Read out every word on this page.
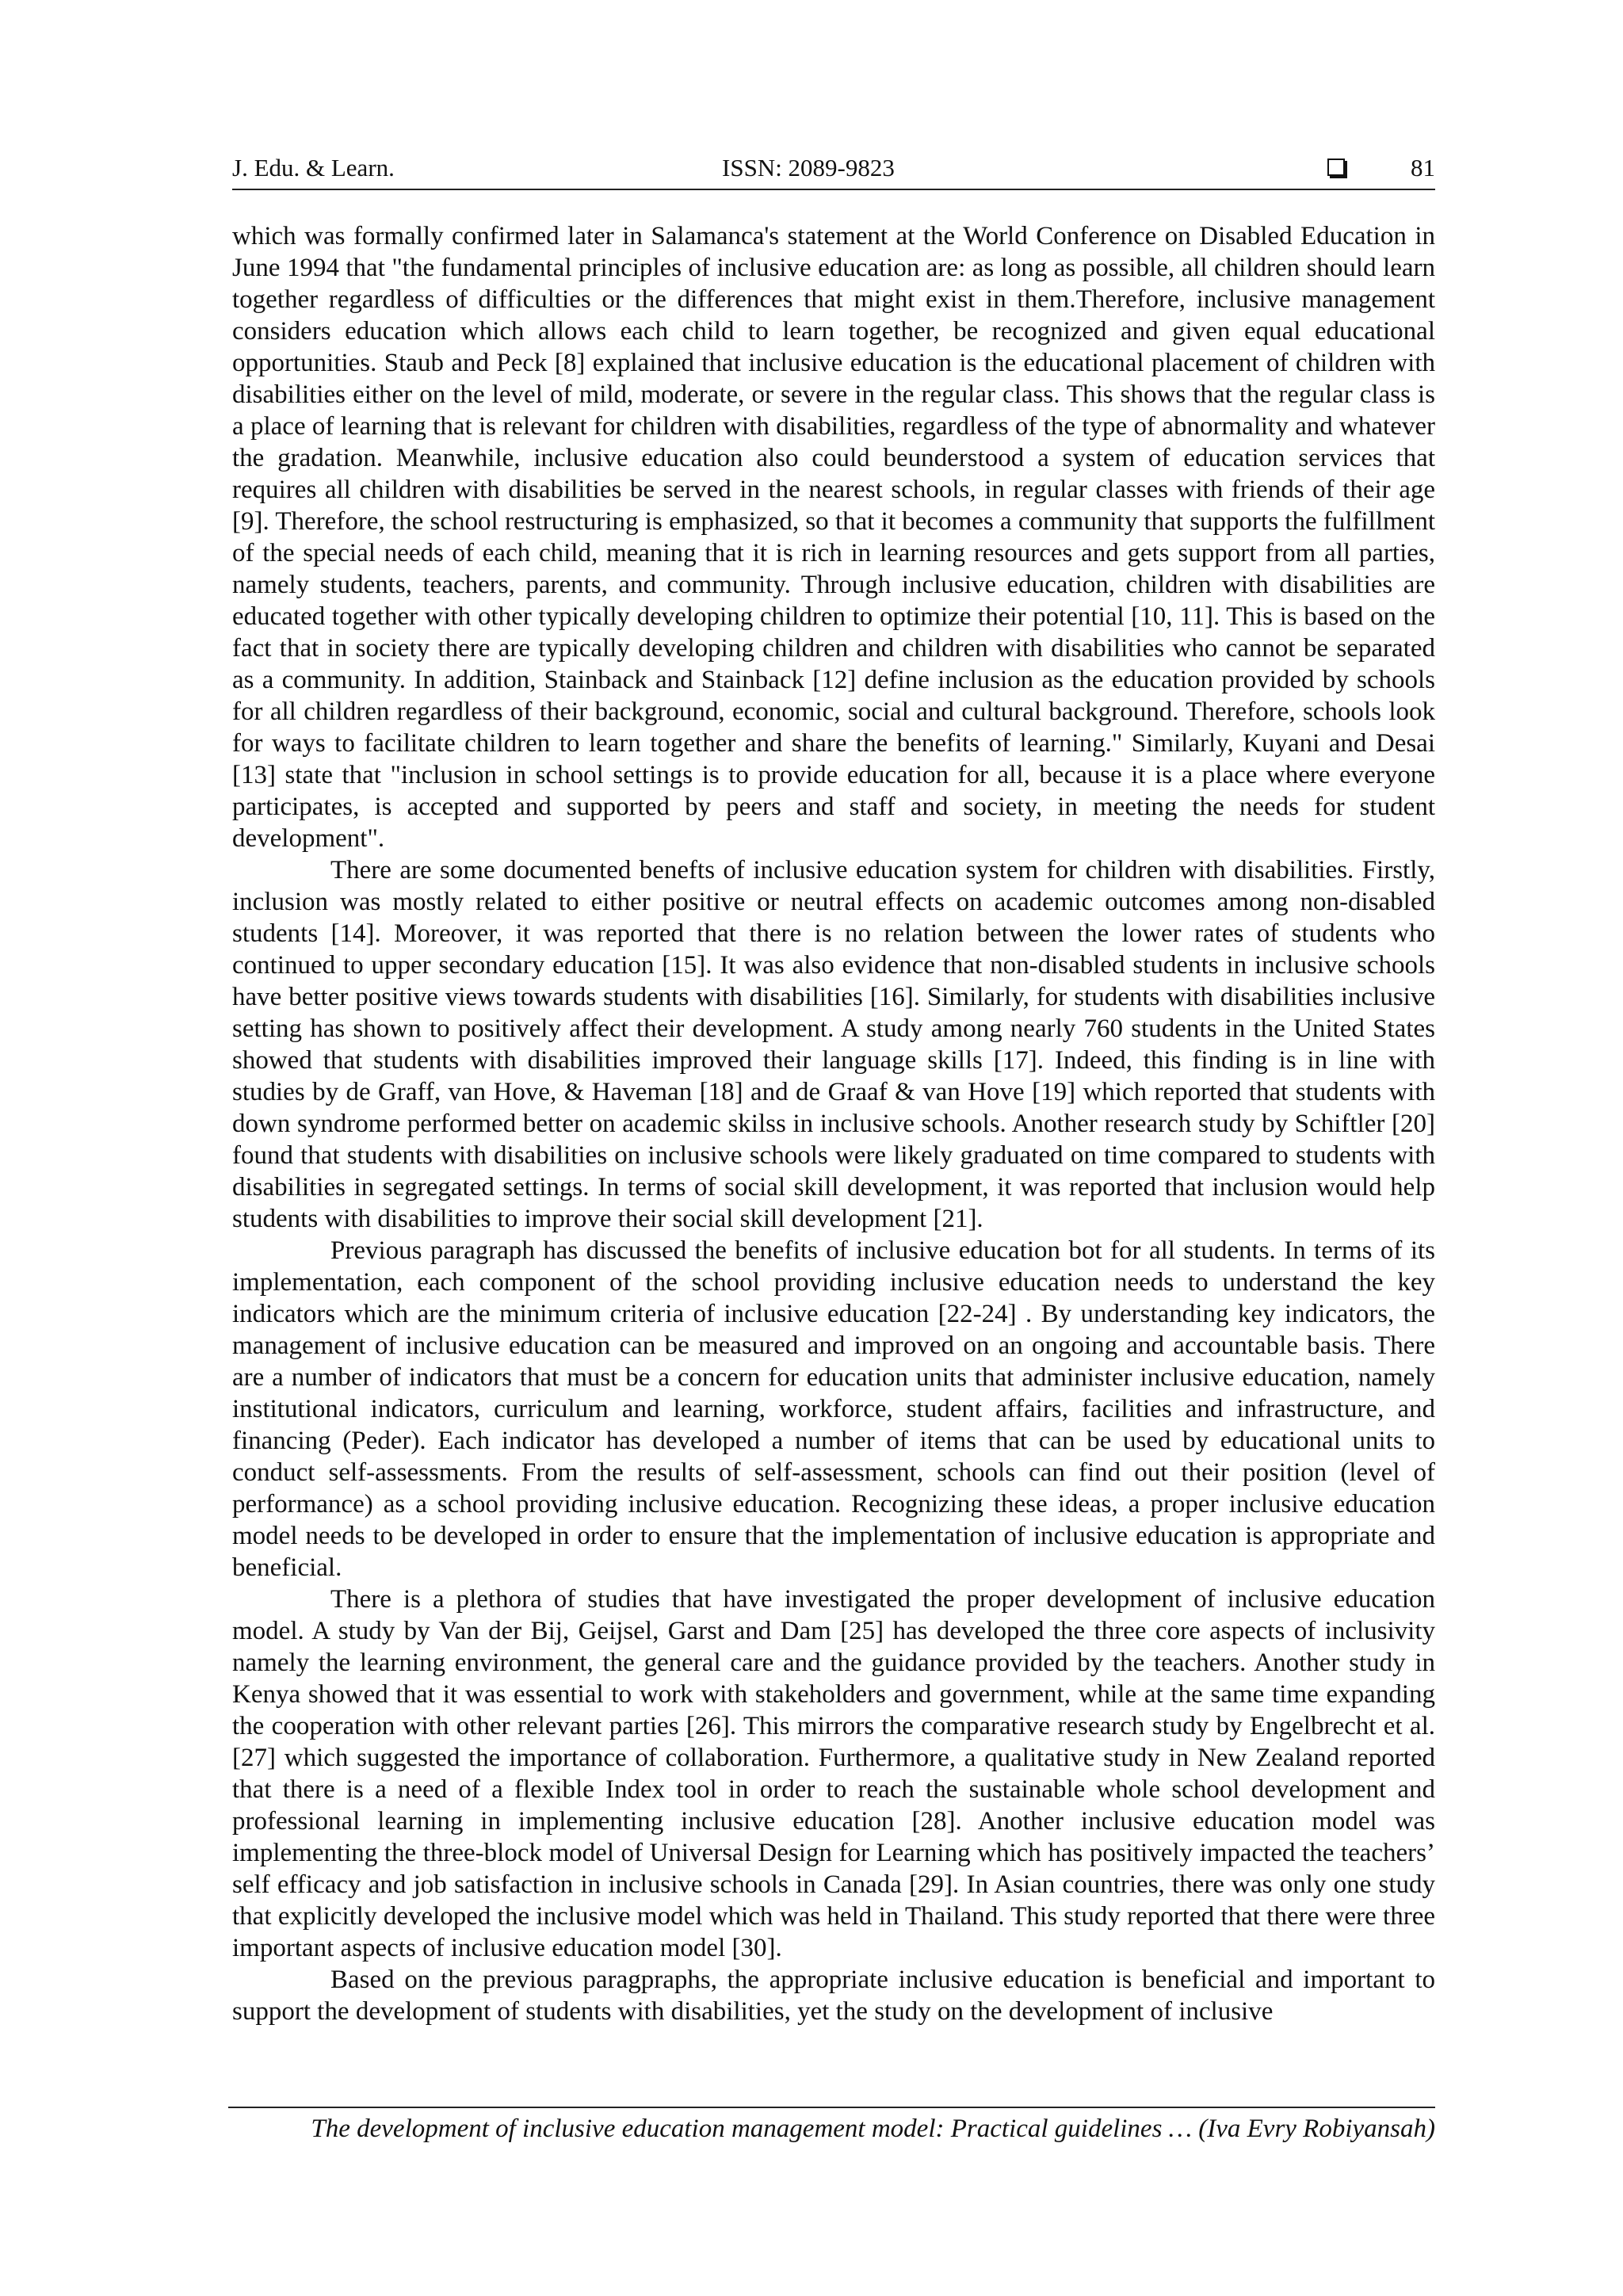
J. Edu. & Learn.	ISSN: 2089-9823	81

which was formally confirmed later in Salamanca's statement at the World Conference on Disabled Education in June 1994 that "the fundamental principles of inclusive education are: as long as possible, all children should learn together regardless of difficulties or the differences that might exist in them.Therefore, inclusive management considers education which allows each child to learn together, be recognized and given equal educational opportunities. Staub and Peck [8] explained that inclusive education is the educational placement of children with disabilities either on the level of mild, moderate, or severe in the regular class. This shows that the regular class is a place of learning that is relevant for children with disabilities, regardless of the type of abnormality and whatever the gradation. Meanwhile, inclusive education also could beunderstood a system of education services that requires all children with disabilities be served in the nearest schools, in regular classes with friends of their age [9]. Therefore, the school restructuring is emphasized, so that it becomes a community that supports the fulfillment of the special needs of each child, meaning that it is rich in learning resources and gets support from all parties, namely students, teachers, parents, and community. Through inclusive education, children with disabilities are educated together with other typically developing children to optimize their potential [10, 11]. This is based on the fact that in society there are typically developing children and children with disabilities who cannot be separated as a community. In addition, Stainback and Stainback [12] define inclusion as the education provided by schools for all children regardless of their background, economic, social and cultural background. Therefore, schools look for ways to facilitate children to learn together and share the benefits of learning." Similarly, Kuyani and Desai [13] state that "inclusion in school settings is to provide education for all, because it is a place where everyone participates, is accepted and supported by peers and staff and society, in meeting the needs for student development".

There are some documented benefts of inclusive education system for children with disabilities. Firstly, inclusion was mostly related to either positive or neutral effects on academic outcomes among non-disabled students [14]. Moreover, it was reported that there is no relation between the lower rates of students who continued to upper secondary education [15]. It was also evidence that non-disabled students in inclusive schools have better positive views towards students with disabilities [16]. Similarly, for students with disabilities inclusive setting has shown to positively affect their development. A study among nearly 760 students in the United States showed that students with disabilities improved their language skills [17]. Indeed, this finding is in line with studies by de Graff, van Hove, & Haveman [18] and de Graaf & van Hove [19] which reported that students with down syndrome performed better on academic skilss in inclusive schools. Another research study by Schiftler [20] found that students with disabilities on inclusive schools were likely graduated on time compared to students with disabilities in segregated settings. In terms of social skill development, it was reported that inclusion would help students with disabilities to improve their social skill development [21].

Previous paragraph has discussed the benefits of inclusive education bot for all students. In terms of its implementation, each component of the school providing inclusive education needs to understand the key indicators which are the minimum criteria of inclusive education [22-24] . By understanding key indicators, the management of inclusive education can be measured and improved on an ongoing and accountable basis. There are a number of indicators that must be a concern for education units that administer inclusive education, namely institutional indicators, curriculum and learning, workforce, student affairs, facilities and infrastructure, and financing (Peder). Each indicator has developed a number of items that can be used by educational units to conduct self-assessments. From the results of self-assessment, schools can find out their position (level of performance) as a school providing inclusive education. Recognizing these ideas, a proper inclusive education model needs to be developed in order to ensure that the implementation of inclusive education is appropriate and beneficial.

There is a plethora of studies that have investigated the proper development of inclusive education model. A study by Van der Bij, Geijsel, Garst and Dam [25] has developed the three core aspects of inclusivity namely the learning environment, the general care and the guidance provided by the teachers. Another study in Kenya showed that it was essential to work with stakeholders and government, while at the same time expanding the cooperation with other relevant parties [26]. This mirrors the comparative research study by Engelbrecht et al. [27] which suggested the importance of collaboration. Furthermore, a qualitative study in New Zealand reported that there is a need of a flexible Index tool in order to reach the sustainable whole school development and professional learning in implementing inclusive education [28]. Another inclusive education model was implementing the three-block model of Universal Design for Learning which has positively impacted the teachers’ self efficacy and job satisfaction in inclusive schools in Canada [29]. In Asian countries, there was only one study that explicitly developed the inclusive model which was held in Thailand. This study reported that there were three important aspects of inclusive education model [30].

Based on the previous paragpraphs, the appropriate inclusive education is beneficial and important to support the development of students with disabilities, yet the study on the development of inclusive

The development of inclusive education management model: Practical guidelines … (Iva Evry Robiyansah)
